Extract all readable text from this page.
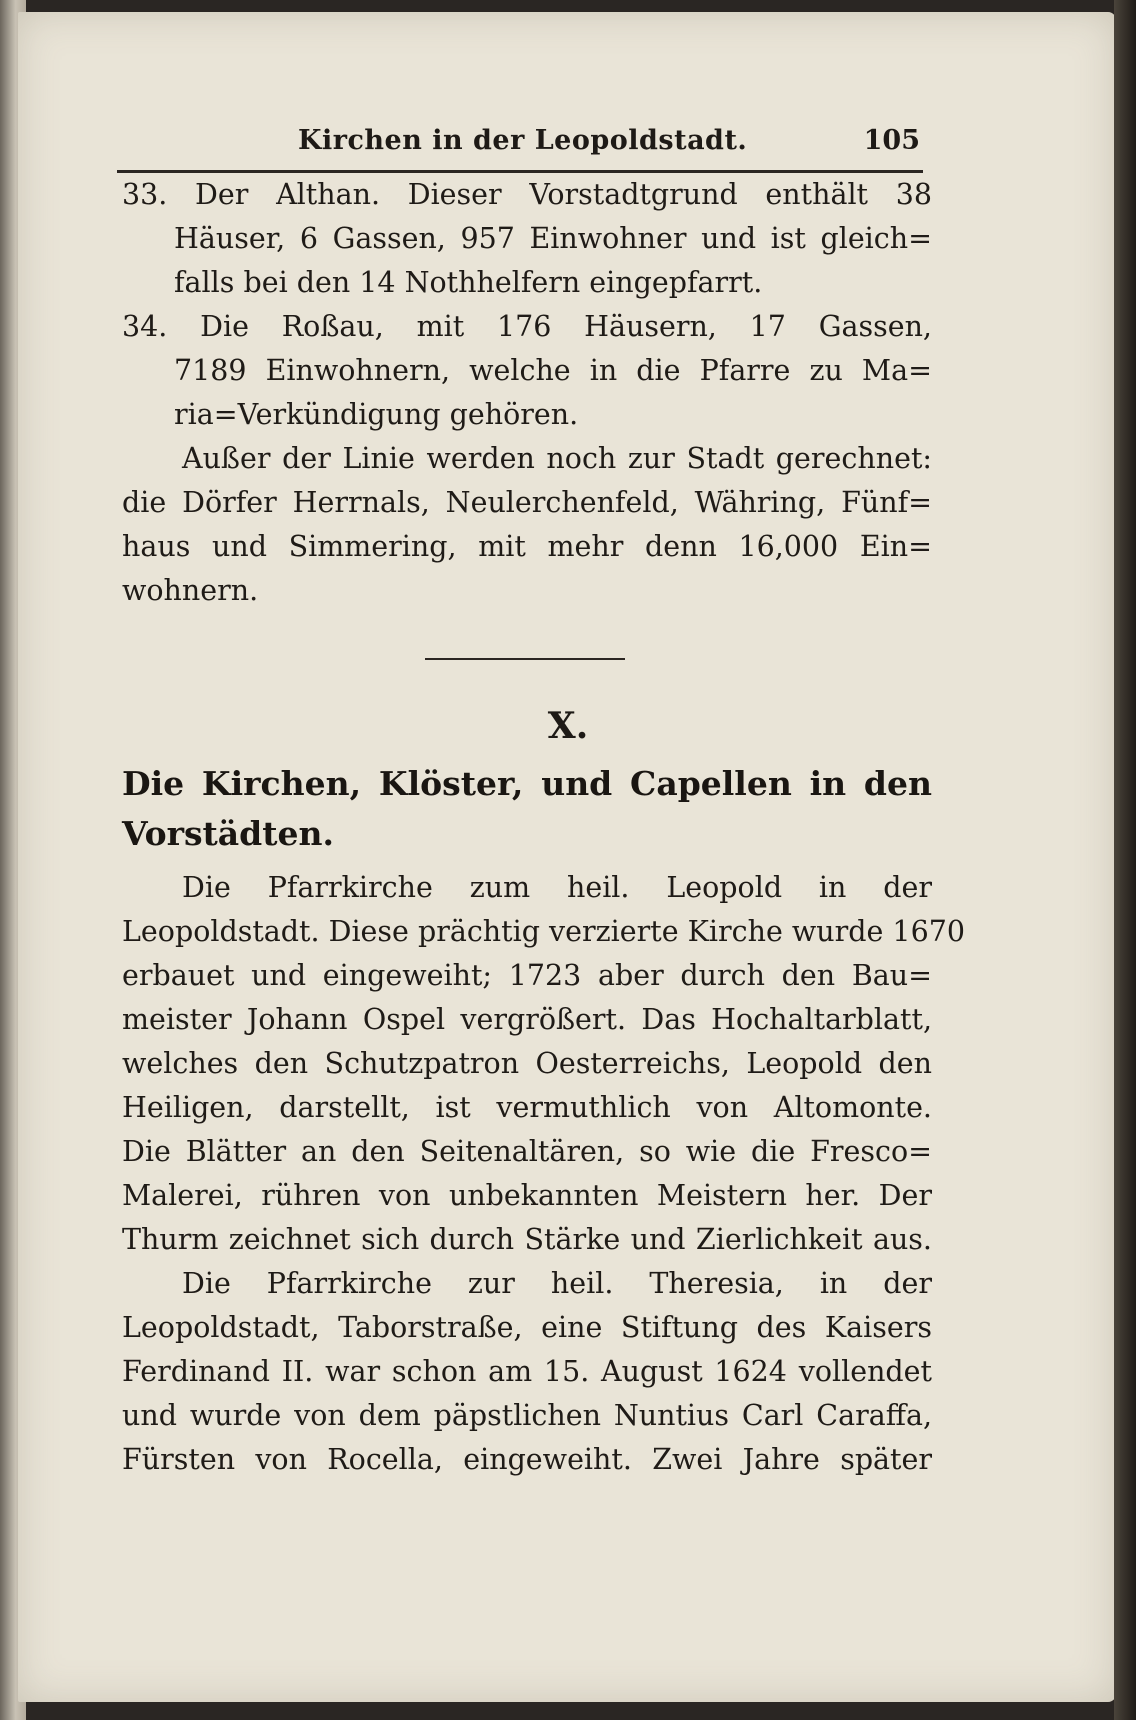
Kirchen in der Leopoldstadt.	105
33. Der Althan. Dieser Vorstadtgrund enthält 38
Häuser, 6 Gassen, 957 Einwohner und ist gleich=
falls bei den 14 Nothhelfern eingepfarrt.
34. Die Roßau, mit 176 Häusern, 17 Gassen,
7189 Einwohnern, welche in die Pfarre zu Ma=
ria=Verkündigung gehören.
Außer der Linie werden noch zur Stadt gerechnet:
die Dörfer Herrnals, Neulerchenfeld, Währing, Fünf=
haus und Simmering, mit mehr denn 16,000 Ein=
wohnern.
X.
Die Kirchen, Klöster, und Capellen in den
Vorstädten.
Die Pfarrkirche zum heil. Leopold in der
Leopoldstadt. Diese prächtig verzierte Kirche wurde 1670
erbauet und eingeweiht; 1723 aber durch den Bau=
meister Johann Ospel vergrößert. Das Hochaltarblatt,
welches den Schutzpatron Oesterreichs, Leopold den
Heiligen, darstellt, ist vermuthlich von Altomonte.
Die Blätter an den Seitenaltären, so wie die Fresco=
Malerei, rühren von unbekannten Meistern her. Der
Thurm zeichnet sich durch Stärke und Zierlichkeit aus.
Die Pfarrkirche zur heil. Theresia, in der
Leopoldstadt, Taborstraße, eine Stiftung des Kaisers
Ferdinand II. war schon am 15. August 1624 vollendet
und wurde von dem päpstlichen Nuntius Carl Caraffa,
Fürsten von Rocella, eingeweiht. Zwei Jahre später
